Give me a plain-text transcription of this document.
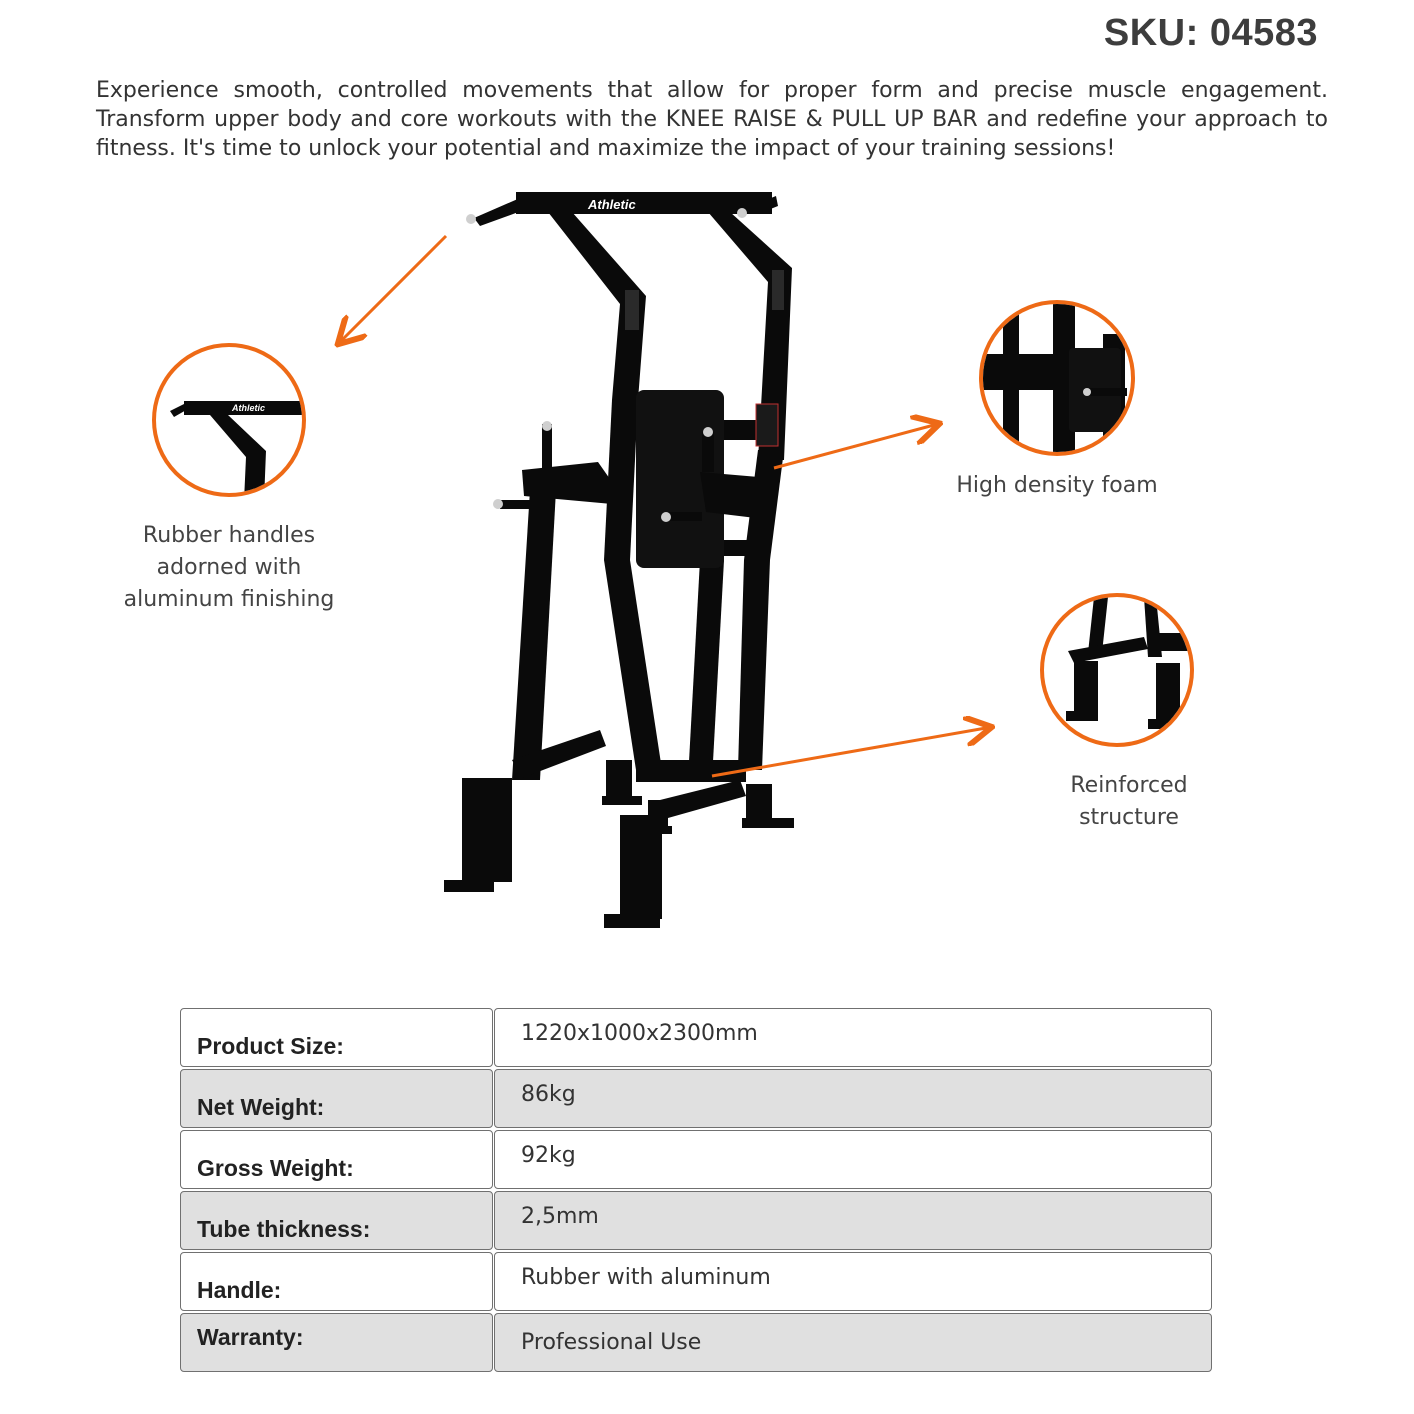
SKU: 04583
Experience smooth, controlled movements that allow for proper form and precise muscle engagement. Transform upper body and core workouts with the KNEE RAISE & PULL UP BAR and redefine your approach to fitness. It's time to unlock your potential and maximize the impact of your training sessions!
Athletic
Athletic
Rubber handles adorned with aluminum finishing
High density foam
Reinforced structure
Product Size:	1220x1000x2300mm
Net Weight:	86kg
Gross Weight:	92kg
Tube thickness:	2,5mm
Handle:	Rubber with aluminum
Warranty:	Professional Use
